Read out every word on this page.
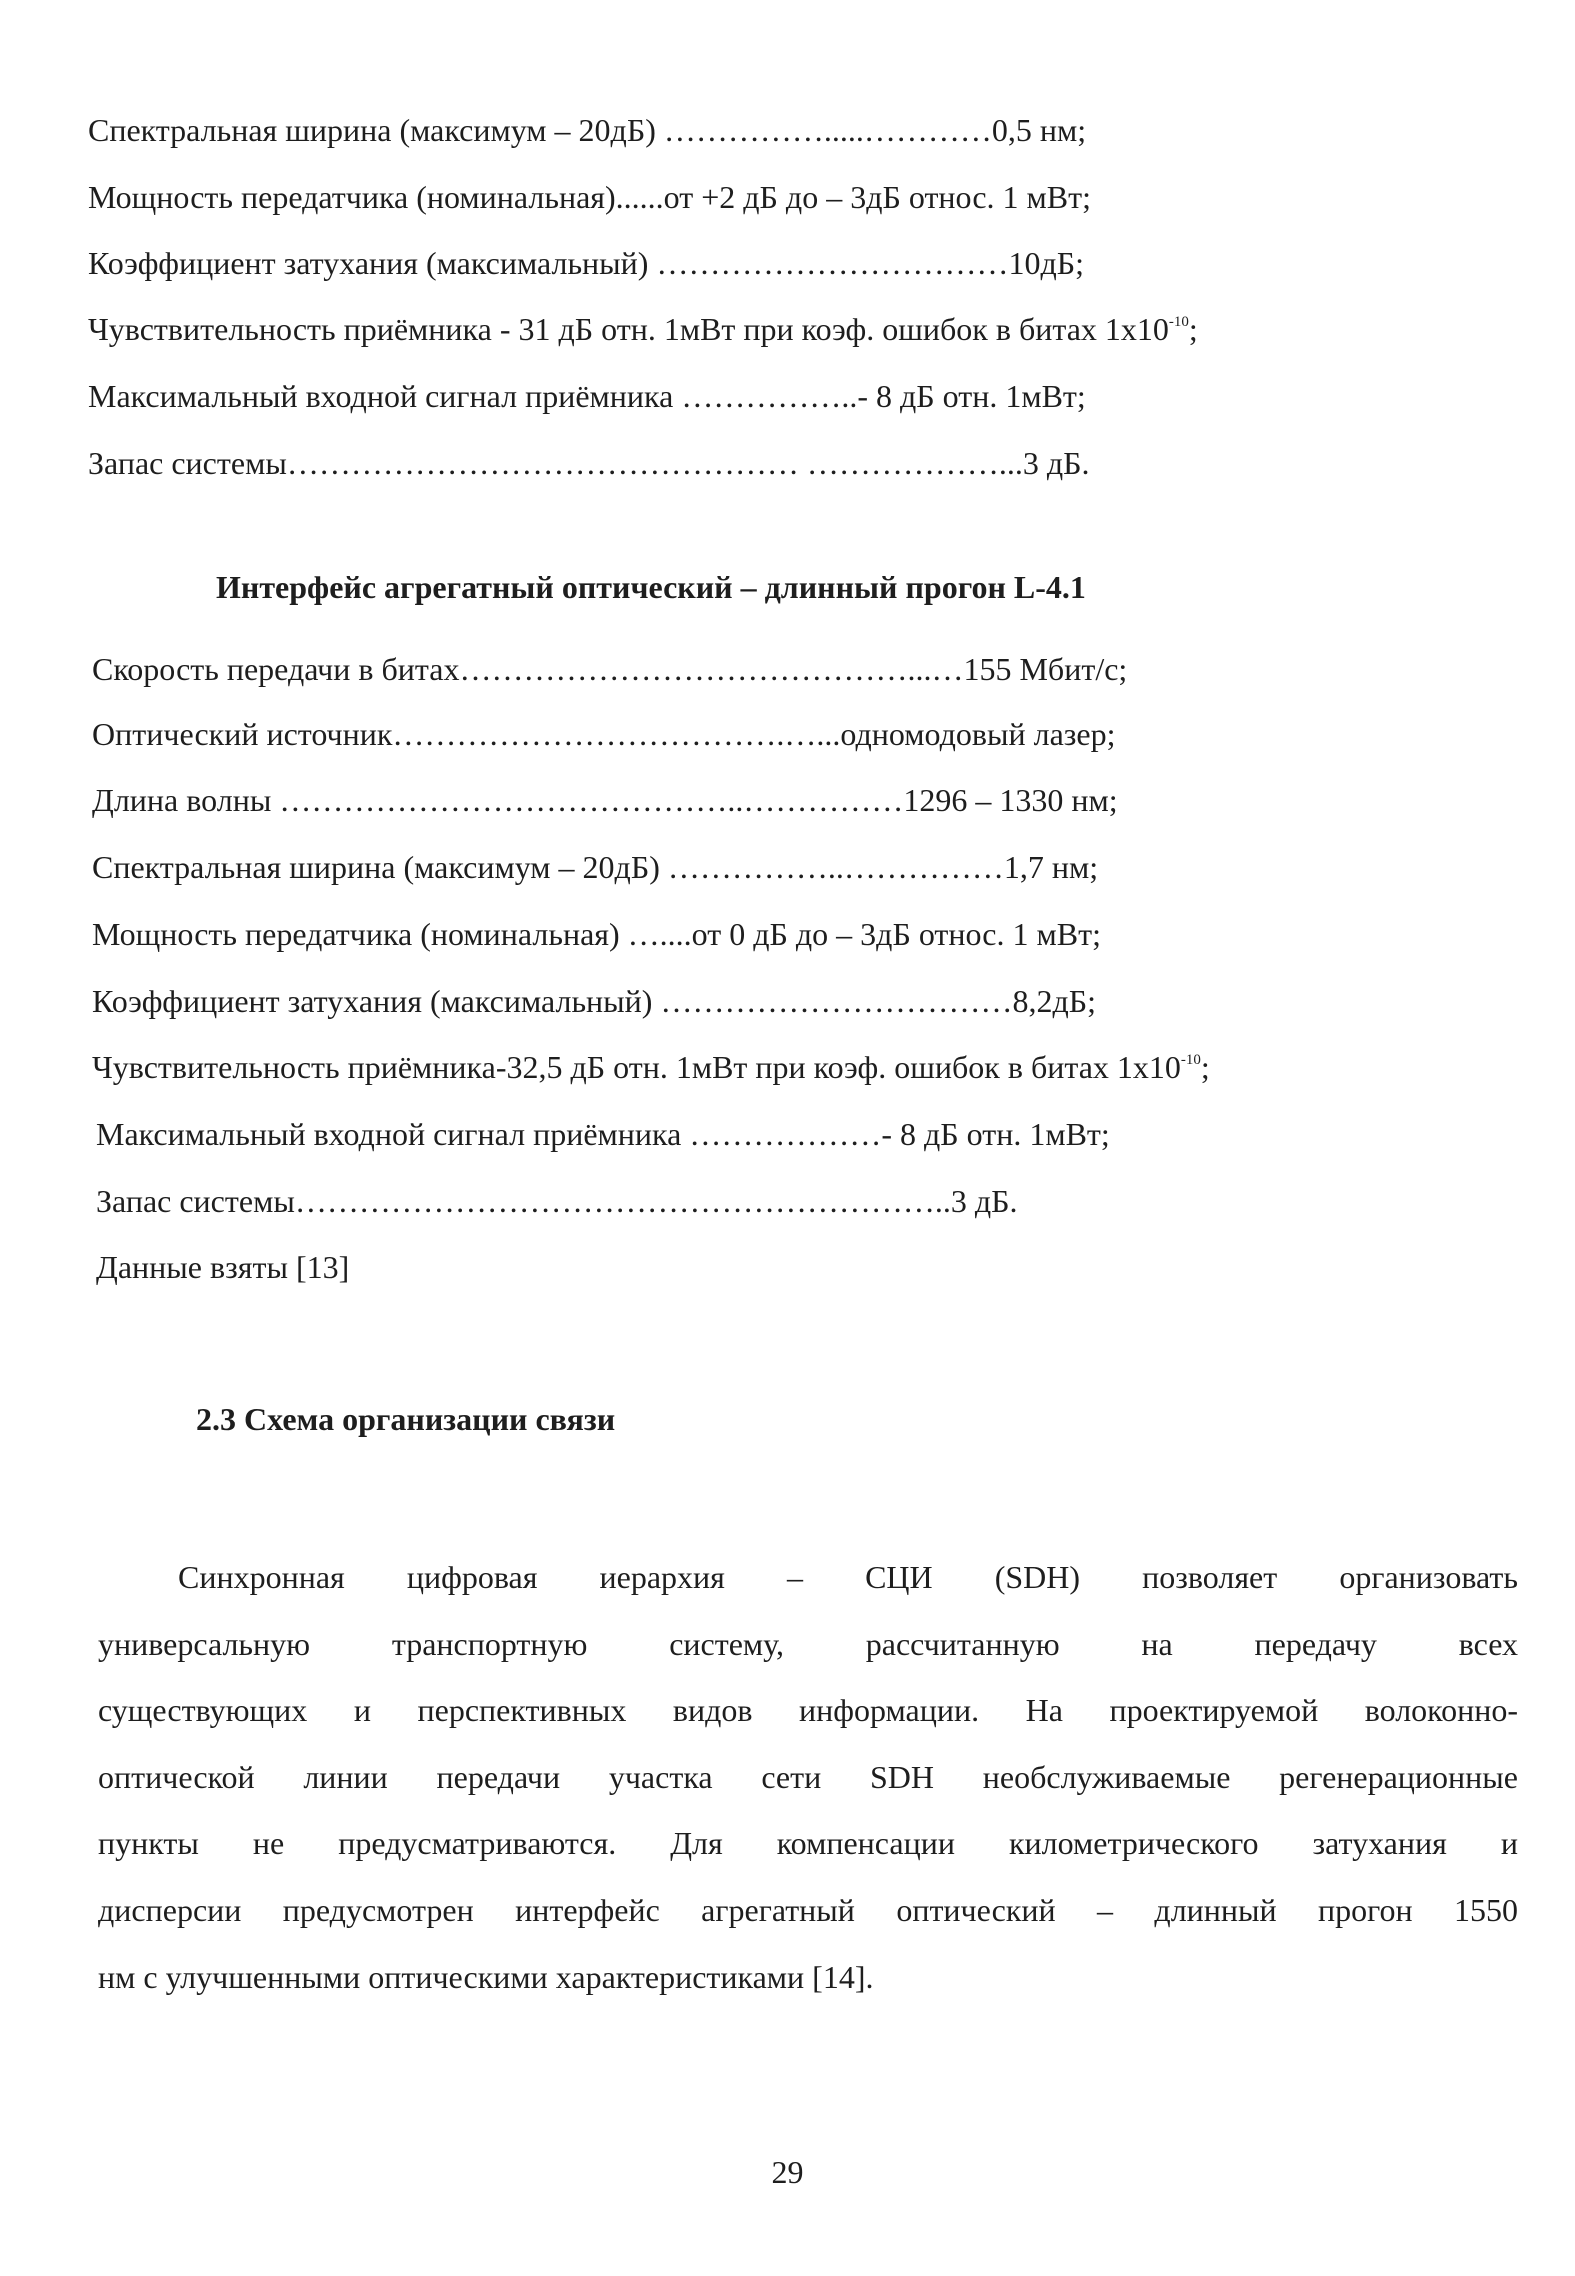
Спектральная ширина (максимум – 20дБ) …………….....…………0,5 нм;
Мощность передатчика (номинальная)......от +2 дБ до – 3дБ относ. 1 мВт;
Коэффициент затухания (максимальный) ……………………………10дБ;
Чувствительность приёмника - 31 дБ отн. 1мВт при коэф. ошибок в битах $1х10^{-10}$;
Максимальный входной сигнал приёмника ……………..- 8 дБ отн. 1мВт;
Запас системы………………………………………… ………………...3 дБ.
Интерфейс агрегатный оптический – длинный прогон L-4.1
Скорость передачи в битах……………………………………...…155 Мбит/с;
Оптический источник……………………………….…...одномодовый лазер;
Длина волны ……………………………………..……………1296 – 1330 нм;
Спектральная ширина (максимум – 20дБ) ……………..……………1,7 нм;
Мощность передатчика (номинальная) …....от 0 дБ до – 3дБ относ. 1 мВт;
Коэффициент затухания (максимальный) ……………………………8,2дБ;
Чувствительность приёмника-32,5 дБ отн. 1мВт при коэф. ошибок в битах $1х10^{-10}$;
Максимальный входной сигнал приёмника ………………- 8 дБ отн. 1мВт;
Запас системы……………………………………………………..3 дБ.
Данные взяты [13]
2.3 Схема организации связи
Синхронная цифровая иерархия – СЦИ (SDH) позволяет организовать
универсальную транспортную систему, рассчитанную на передачу всех
существующих и перспективных видов информации. На проектируемой волоконно-
оптической линии передачи участка сети SDH необслуживаемые регенерационные
пункты не предусматриваются. Для компенсации километрического затухания и
дисперсии предусмотрен интерфейс агрегатный оптический – длинный прогон 1550
нм с улучшенными оптическими характеристиками [14].
29
